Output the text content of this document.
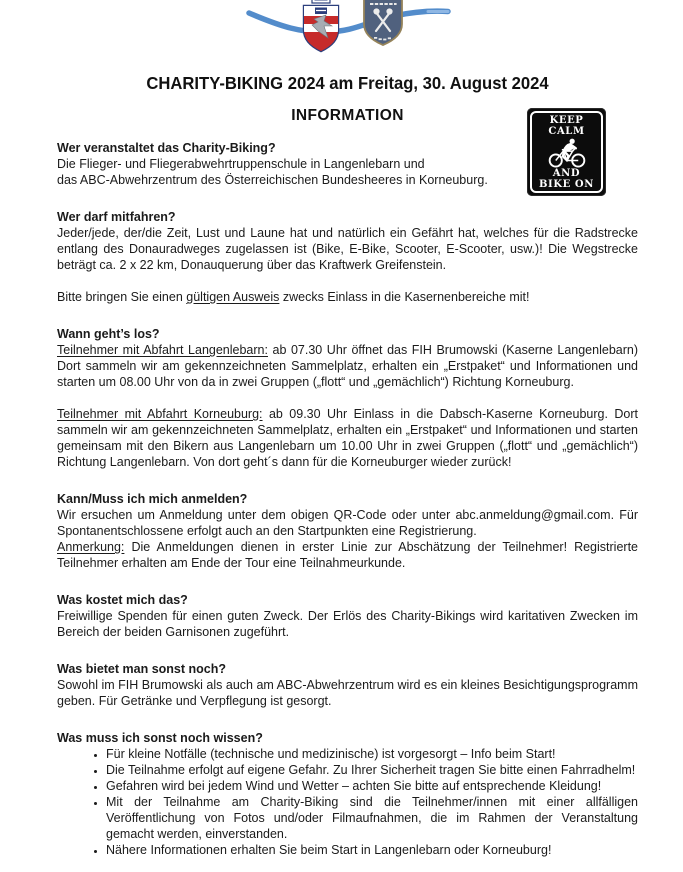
KEEP
CALM
AND
BIKE ON
CHARITY-BIKING 2024 am Freitag, 30. August 2024
INFORMATION
Wer veranstaltet das Charity-Biking?

Die Flieger- und Fliegerabwehrtruppenschule in Langenlebarn und
das ABC-Abwehrzentrum des Österreichischen Bundesheeres in Korneuburg.

Wer darf mitfahren?

Jeder/jede, der/die Zeit, Lust und Laune hat und natürlich ein Gefährt hat, welches für die Radstrecke entlang des Donauradweges zugelassen ist (Bike, E-Bike, Scooter, E-Scooter, usw.)! Die Wegstrecke beträgt ca. 2 x 22 km, Donauquerung über das Kraftwerk Greifenstein.

Bitte bringen Sie einen gültigen Ausweis zwecks Einlass in die Kasernenbereiche mit!

Wann geht’s los?

Teilnehmer mit Abfahrt Langenlebarn: ab 07.30 Uhr öffnet das FIH Brumowski (Kaserne Langenlebarn) Dort sammeln wir am gekennzeichneten Sammelplatz, erhalten ein „Erstpaket“ und Informationen und starten um 08.00 Uhr von da in zwei Gruppen („flott“ und „gemächlich“) Richtung Korneuburg.

Teilnehmer mit Abfahrt Korneuburg: ab 09.30 Uhr Einlass in die Dabsch-Kaserne Korneuburg. Dort sammeln wir am gekennzeichneten Sammelplatz, erhalten ein „Erstpaket“ und Informationen und starten gemeinsam mit den Bikern aus Langenlebarn um 10.00 Uhr in zwei Gruppen („flott“ und „gemächlich“) Richtung Langenlebarn. Von dort geht´s dann für die Korneuburger wieder zurück!

Kann/Muss ich mich anmelden?

Wir ersuchen um Anmeldung unter dem obigen QR-Code oder unter abc.anmeldung@gmail.com. Für Spontanentschlossene erfolgt auch an den Startpunkten eine Registrierung.

Anmerkung: Die Anmeldungen dienen in erster Linie zur Abschätzung der Teilnehmer! Registrierte Teilnehmer erhalten am Ende der Tour eine Teilnahmeurkunde.

Was kostet mich das?

Freiwillige Spenden für einen guten Zweck. Der Erlös des Charity-Bikings wird karitativen Zwecken im Bereich der beiden Garnisonen zugeführt.

Was bietet man sonst noch?

Sowohl im FIH Brumowski als auch am ABC-Abwehrzentrum wird es ein kleines Besichtigungsprogramm geben. Für Getränke und Verpflegung ist gesorgt.

Was muss ich sonst noch wissen?
• Für kleine Notfälle (technische und medizinische) ist vorgesorgt – Info beim Start!
• Die Teilnahme erfolgt auf eigene Gefahr. Zu Ihrer Sicherheit tragen Sie bitte einen Fahrradhelm!
• Gefahren wird bei jedem Wind und Wetter – achten Sie bitte auf entsprechende Kleidung!
• Mit der Teilnahme am Charity-Biking sind die Teilnehmer/innen mit einer allfälligen Veröffentlichung von Fotos und/oder Filmaufnahmen, die im Rahmen der Veranstaltung gemacht werden, einverstanden.
• Nähere Informationen erhalten Sie beim Start in Langenlebarn oder Korneuburg!
